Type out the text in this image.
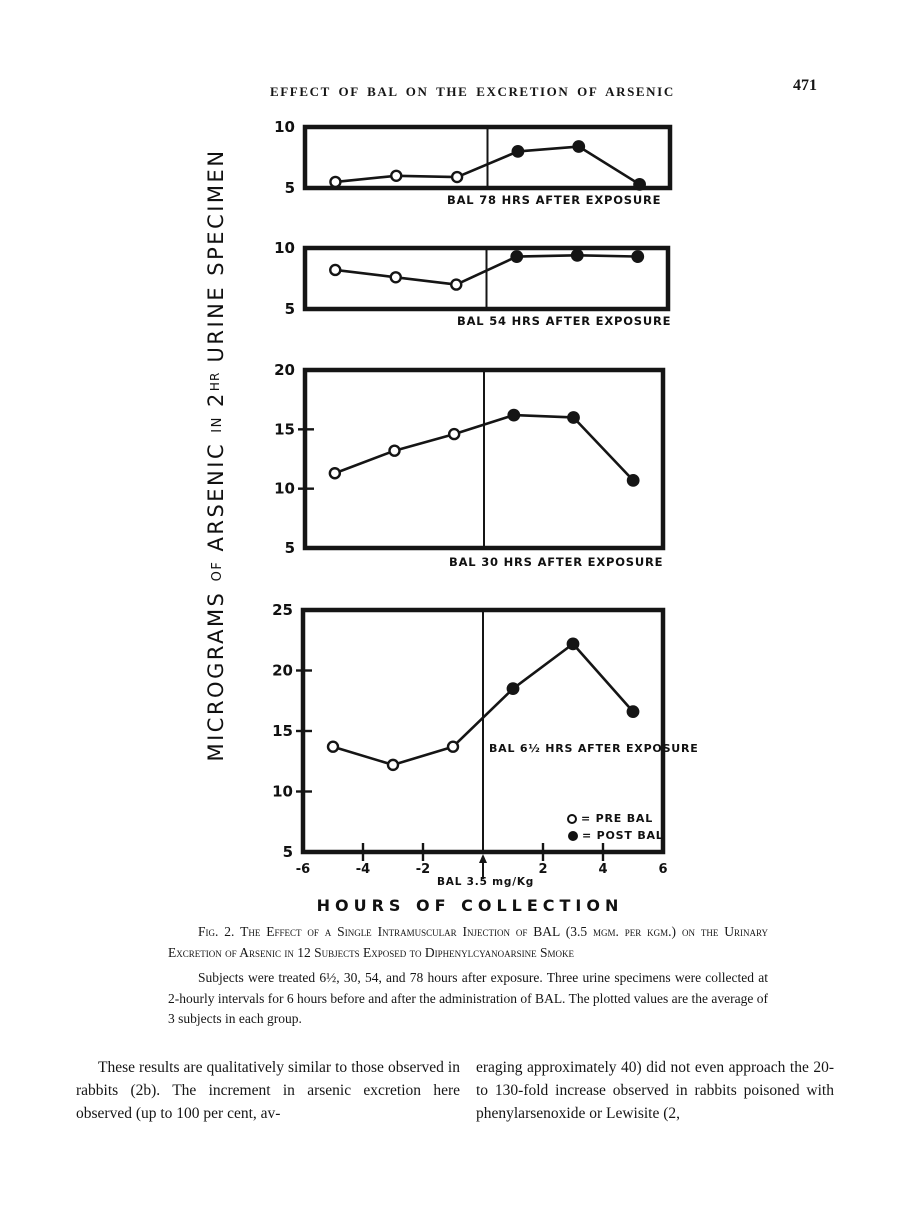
EFFECT OF BAL ON THE EXCRETION OF ARSENIC	471
MICROGRAMS OF ARSENIC IN 2HR URINE SPECIMEN	5
10
5
10
5
10
15
20
5
10
15
20
25
-6	-4	-2	2	4	6
BAL 78 HRS AFTER EXPOSURE
BAL 54 HRS AFTER EXPOSURE
BAL 30 HRS AFTER EXPOSURE
BAL 6½ HRS AFTER EXPOSURE
= PRE BAL
= POST BAL
BAL 3.5 mg/Kg
HOURS OF COLLECTION

Fig. 2. The Effect of a Single Intramuscular Injection of BAL (3.5 mgm. per kgm.) on the Urinary Excretion of Arsenic in 12 Subjects Exposed to Diphenylcyanoarsine Smoke

Subjects were treated 6½, 30, 54, and 78 hours after exposure. Three urine specimens were collected at 2-hourly intervals for 6 hours before and after the administration of BAL. The plotted values are the average of 3 subjects in each group.

These results are qualitatively similar to those observed in rabbits (2b). The increment in arsenic excretion here observed (up to 100 per cent, av-

eraging approximately 40) did not even approach the 20- to 130-fold increase observed in rabbits poisoned with phenylarsenoxide or Lewisite (2,
